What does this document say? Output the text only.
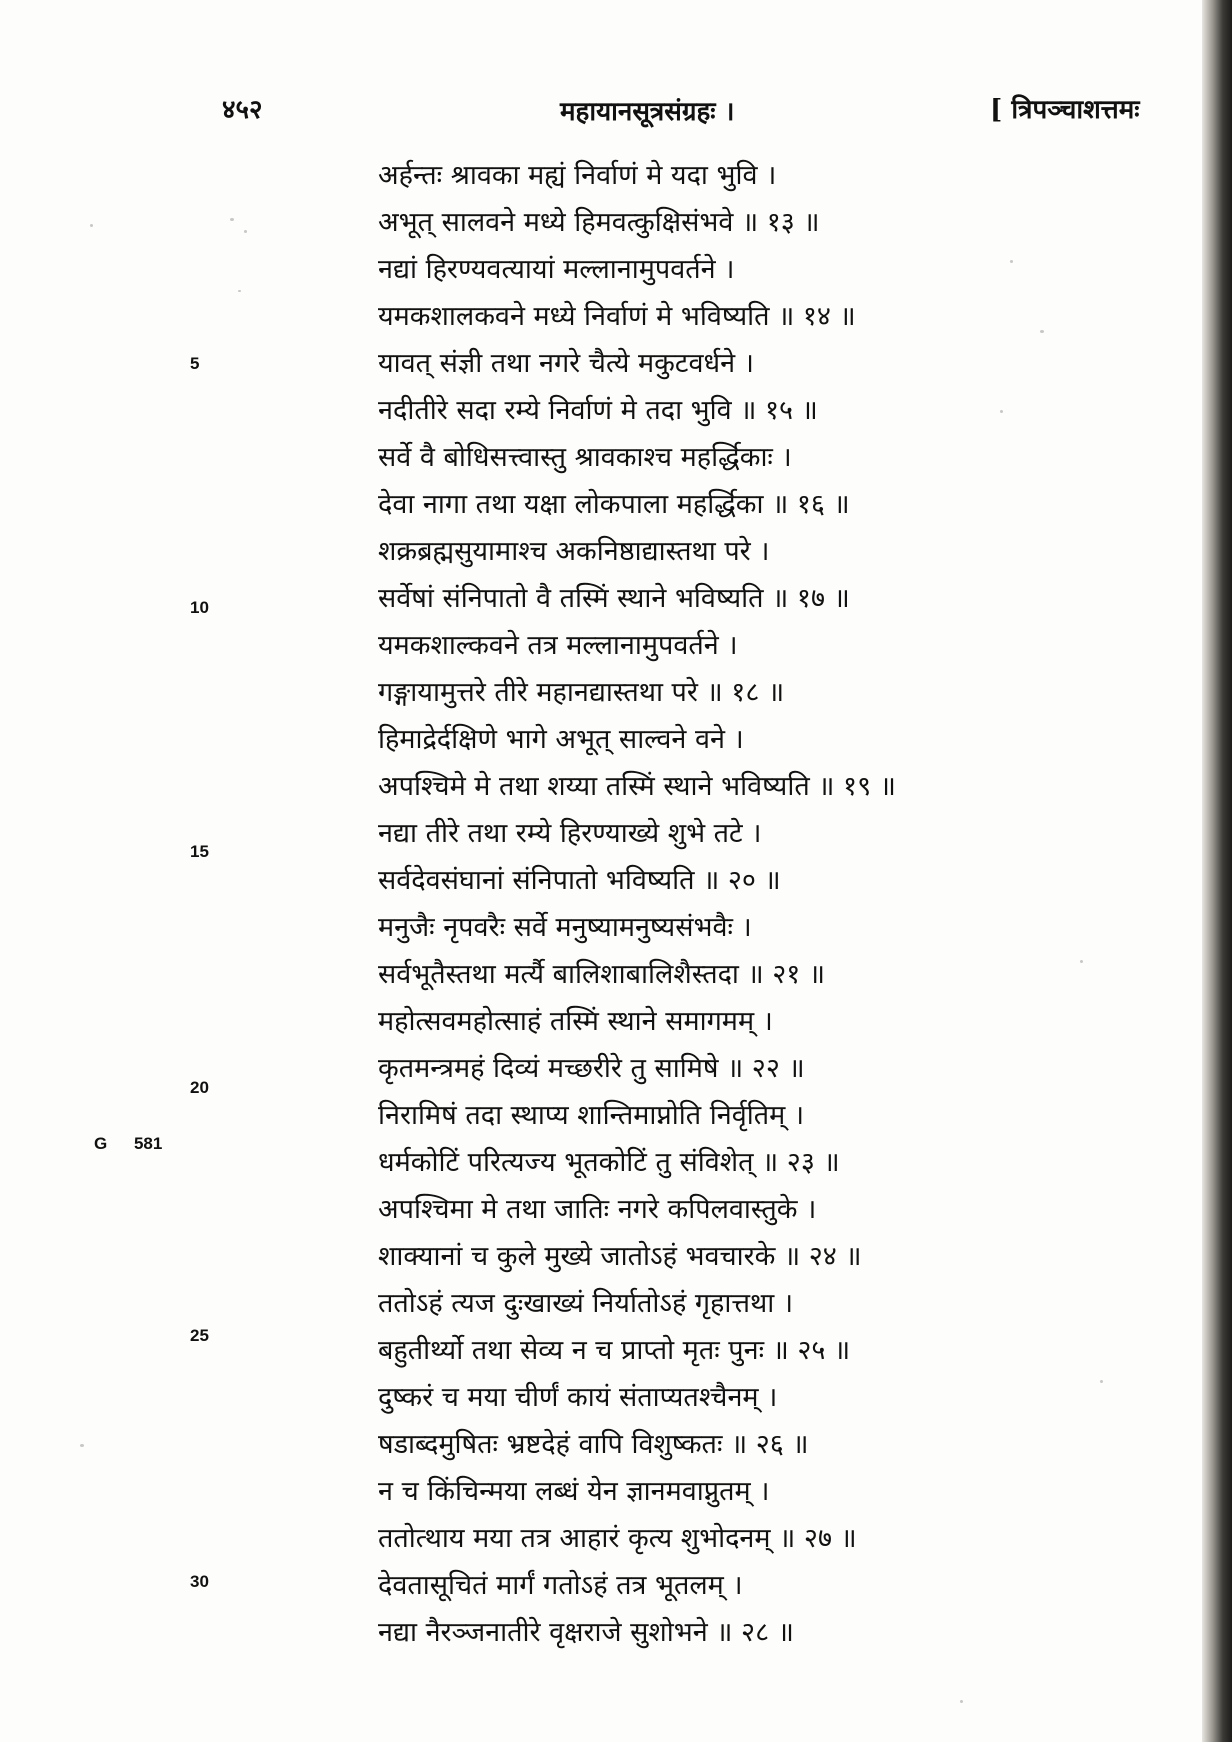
४५२	महायानसूत्रसंग्रहः ।	[ त्रिपञ्चाशत्तमः
अर्हन्तः श्रावका मह्यं निर्वाणं मे यदा भुवि ।
अभूत् सालवने मध्ये हिमवत्कुक्षिसंभवे ॥ १३ ॥
नद्यां हिरण्यवत्यायां मल्लानामुपवर्तने ।
यमकशालकवने मध्ये निर्वाणं मे भविष्यति ॥ १४ ॥
यावत् संज्ञी तथा नगरे चैत्ये मकुटवर्धने ।
नदीतीरे सदा रम्ये निर्वाणं मे तदा भुवि ॥ १५ ॥
सर्वे वै बोधिसत्त्वास्तु श्रावकाश्च महर्द्धिकाः ।
देवा नागा तथा यक्षा लोकपाला महर्द्धिका ॥ १६ ॥
शक्रब्रह्मसुयामाश्च अकनिष्ठाद्यास्तथा परे ।
सर्वेषां संनिपातो वै तस्मिं स्थाने भविष्यति ॥ १७ ॥
यमकशाल्कवने तत्र मल्लानामुपवर्तने ।
गङ्गायामुत्तरे तीरे महानद्यास्तथा परे ॥ १८ ॥
हिमाद्रेर्दक्षिणे भागे अभूत् साल्वने वने ।
अपश्चिमे मे तथा शय्या तस्मिं स्थाने भविष्यति ॥ १९ ॥
नद्या तीरे तथा रम्ये हिरण्याख्ये शुभे तटे ।
सर्वदेवसंघानां संनिपातो भविष्यति ॥ २० ॥
मनुजैः नृपवरैः सर्वे मनुष्यामनुष्यसंभवैः ।
सर्वभूतैस्तथा मर्त्यै बालिशाबालिशैस्तदा ॥ २१ ॥
महोत्सवमहोत्साहं तस्मिं स्थाने समागमम् ।
कृतमन्त्रमहं दिव्यं मच्छरीरे तु सामिषे ॥ २२ ॥
निरामिषं तदा स्थाप्य शान्तिमाप्नोति निर्वृतिम् ।
धर्मकोटिं परित्यज्य भूतकोटिं तु संविशेत् ॥ २३ ॥
अपश्चिमा मे तथा जातिः नगरे कपिलवास्तुके ।
शाक्यानां च कुले मुख्ये जातोऽहं भवचारके ॥ २४ ॥
ततोऽहं त्यज दुःखाख्यं निर्यातोऽहं गृहात्तथा ।
बहुतीर्थ्यो तथा सेव्य न च प्राप्तो मृतः पुनः ॥ २५ ॥
दुष्करं च मया चीर्णं कायं संताप्यतश्चैनम् ।
षडाब्दमुषितः भ्रष्टदेहं वापि विशुष्कतः ॥ २६ ॥
न च किंचिन्मया लब्धं येन ज्ञानमवाप्नुतम् ।
ततोत्थाय मया तत्र आहारं कृत्य शुभोदनम् ॥ २७ ॥
देवतासूचितं मार्गं गतोऽहं तत्र भूतलम् ।
नद्या नैरञ्जनातीरे वृक्षराजे सुशोभने ॥ २८ ॥
5
10
15
20
25
30
G 581
